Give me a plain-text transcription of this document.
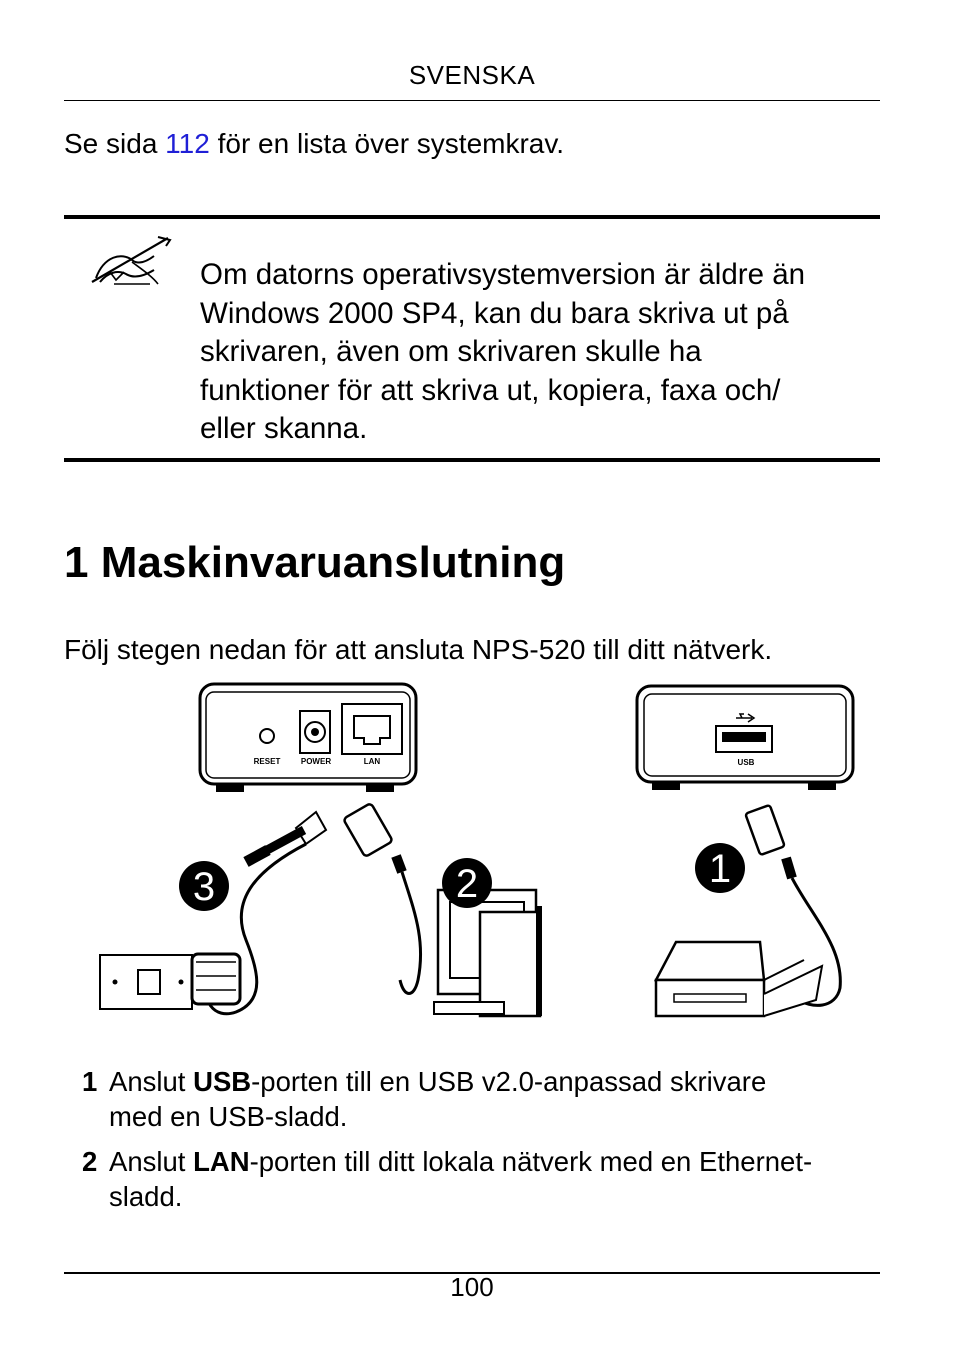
SVENSKA
Se sida 112 för en lista över systemkrav.
Om datorns operativsystemversion är äldre än
Windows 2000 SP4, kan du bara skriva ut på
skrivaren, även om skrivaren skulle ha
funktioner för att skriva ut, kopiera, faxa och/
eller skanna.
1 Maskinvaruanslutning
Följ stegen nedan för att ansluta NPS-520 till ditt nätverk.
RESET	POWER	LAN	USB
3	2	1
1 Anslut USB-porten till en USB v2.0-anpassad skrivare
med en USB-sladd.
2 Anslut LAN-porten till ditt lokala nätverk med en Ethernet-
sladd.
100
